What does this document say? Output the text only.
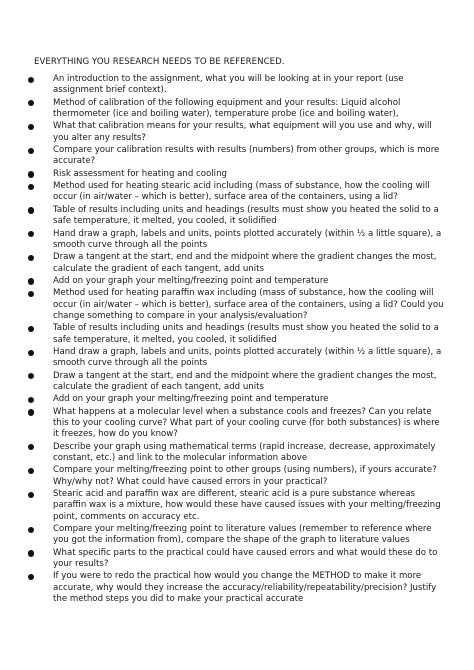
EVERYTHING YOU RESEARCH NEEDS TO BE REFERENCED.

An introduction to the assignment, what you will be looking at in your report (use assignment brief context).
Method of calibration of the following equipment and your results: Liquid alcohol thermometer (ice and boiling water), temperature probe (ice and boiling water),
What that calibration means for your results, what equipment will you use and why, will you alter any results?
Compare your calibration results with results (numbers) from other groups, which is more accurate?
Risk assessment for heating and cooling
Method used for heating stearic acid including (mass of substance, how the cooling will occur (in air/water – which is better), surface area of the containers, using a lid?
Table of results including units and headings (results must show you heated the solid to a safe temperature, it melted, you cooled, it solidified
Hand draw a graph, labels and units, points plotted accurately (within ½ a little square), a smooth curve through all the points
Draw a tangent at the start, end and the midpoint where the gradient changes the most, calculate the gradient of each tangent, add units
Add on your graph your melting/freezing point and temperature
Method used for heating paraffin wax including (mass of substance, how the cooling will occur (in air/water – which is better), surface area of the containers, using a lid? Could you change something to compare in your analysis/evaluation?
Table of results including units and headings (results must show you heated the solid to a safe temperature, it melted, you cooled, it solidified
Hand draw a graph, labels and units, points plotted accurately (within ½ a little square), a smooth curve through all the points
Draw a tangent at the start, end and the midpoint where the gradient changes the most, calculate the gradient of each tangent, add units
Add on your graph your melting/freezing point and temperature
What happens at a molecular level when a substance cools and freezes? Can you relate this to your cooling curve? What part of your cooling curve (for both substances) is where it freezes, how do you know?
Describe your graph using mathematical terms (rapid increase, decrease, approximately constant, etc.) and link to the molecular information above
Compare your melting/freezing point to other groups (using numbers), if yours accurate? Why/why not? What could have caused errors in your practical?
Stearic acid and paraffin wax are different, stearic acid is a pure substance whereas paraffin wax is a mixture, how would these have caused issues with your melting/freezing point, comments on accuracy etc.
Compare your melting/freezing point to literature values (remember to reference where you got the information from), compare the shape of the graph to literature values
What specific parts to the practical could have caused errors and what would these do to your results?
If you were to redo the practical how would you change the METHOD to make it more accurate, why would they increase the accuracy/reliability/repeatability/precision? Justify the method steps you did to make your practical accurate
